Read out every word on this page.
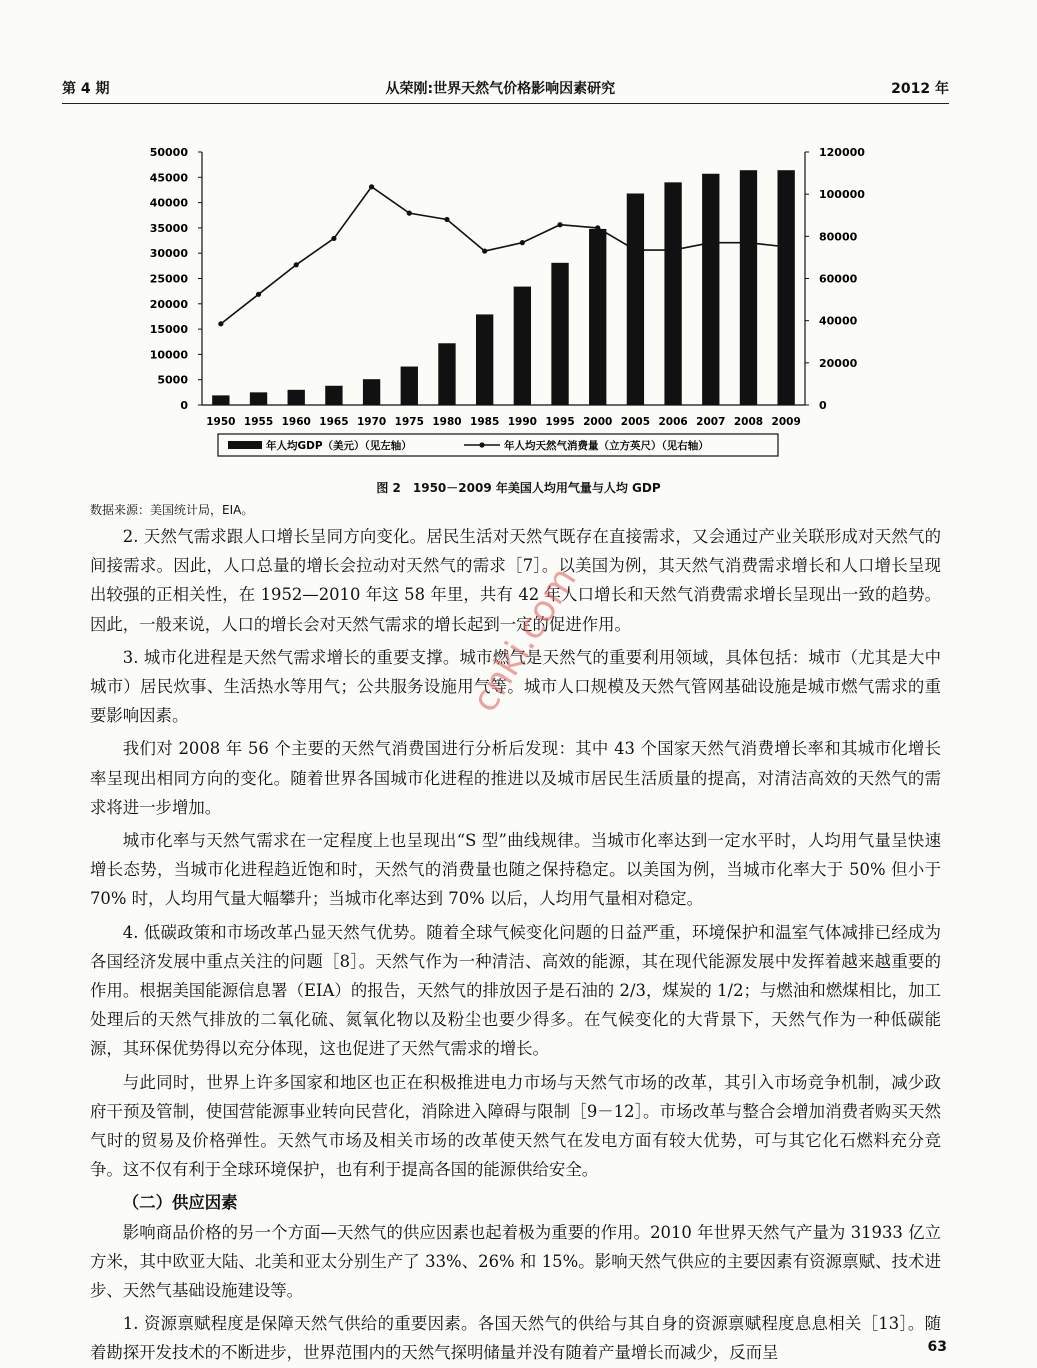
第 4 期	从荣刚:世界天然气价格影响因素研究	2012 年
0
5000
10000
15000
20000
25000
30000
35000
40000
45000
50000
0
20000
40000
60000
80000
100000
120000
1950 1955 1960 1965 1970 1975 1980 1985 1990 1995 2000 2005 2006 2007 2008 2009
年人均GDP（美元）（见左轴）	年人均天然气消费量（立方英尺）（见右轴）
图 2　1950－2009 年美国人均用气量与人均 GDP
数据来源：美国统计局，EIA。

2. 天然气需求跟人口增长呈同方向变化。居民生活对天然气既存在直接需求，又会通过产业关联形成对天然气的间接需求。因此，人口总量的增长会拉动对天然气的需求［7］。以美国为例，其天然气消费需求增长和人口增长呈现出较强的正相关性，在 1952—2010 年这 58 年里，共有 42 年人口增长和天然气消费需求增长呈现出一致的趋势。因此，一般来说，人口的增长会对天然气需求的增长起到一定的促进作用。

3. 城市化进程是天然气需求增长的重要支撑。城市燃气是天然气的重要利用领域，具体包括：城市（尤其是大中城市）居民炊事、生活热水等用气；公共服务设施用气等。城市人口规模及天然气管网基础设施是城市燃气需求的重要影响因素。

我们对 2008 年 56 个主要的天然气消费国进行分析后发现：其中 43 个国家天然气消费增长率和其城市化增长率呈现出相同方向的变化。随着世界各国城市化进程的推进以及城市居民生活质量的提高，对清洁高效的天然气的需求将进一步增加。

城市化率与天然气需求在一定程度上也呈现出“S 型”曲线规律。当城市化率达到一定水平时，人均用气量呈快速增长态势，当城市化进程趋近饱和时，天然气的消费量也随之保持稳定。以美国为例，当城市化率大于 50% 但小于 70% 时，人均用气量大幅攀升；当城市化率达到 70% 以后，人均用气量相对稳定。

4. 低碳政策和市场改革凸显天然气优势。随着全球气候变化问题的日益严重，环境保护和温室气体减排已经成为各国经济发展中重点关注的问题［8］。天然气作为一种清洁、高效的能源，其在现代能源发展中发挥着越来越重要的作用。根据美国能源信息署（EIA）的报告，天然气的排放因子是石油的 2/3，煤炭的 1/2；与燃油和燃煤相比，加工处理后的天然气排放的二氧化硫、氮氧化物以及粉尘也要少得多。在气候变化的大背景下，天然气作为一种低碳能源，其环保优势得以充分体现，这也促进了天然气需求的增长。

与此同时，世界上许多国家和地区也正在积极推进电力市场与天然气市场的改革，其引入市场竞争机制，减少政府干预及管制，使国营能源事业转向民营化，消除进入障碍与限制［9－12］。市场改革与整合会增加消费者购买天然气时的贸易及价格弹性。天然气市场及相关市场的改革使天然气在发电方面有较大优势，可与其它化石燃料充分竞争。这不仅有利于全球环境保护，也有利于提高各国的能源供给安全。

（二）供应因素

影响商品价格的另一个方面—天然气的供应因素也起着极为重要的作用。2010 年世界天然气产量为 31933 亿立方米，其中欧亚大陆、北美和亚太分别生产了 33%、26% 和 15%。影响天然气供应的主要因素有资源禀赋、技术进步、天然气基础设施建设等。

1. 资源禀赋程度是保障天然气供给的重要因素。各国天然气的供给与其自身的资源禀赋程度息息相关［13］。随着勘探开发技术的不断进步，世界范围内的天然气探明储量并没有随着产量增长而减少，反而呈

cnki.com
63
